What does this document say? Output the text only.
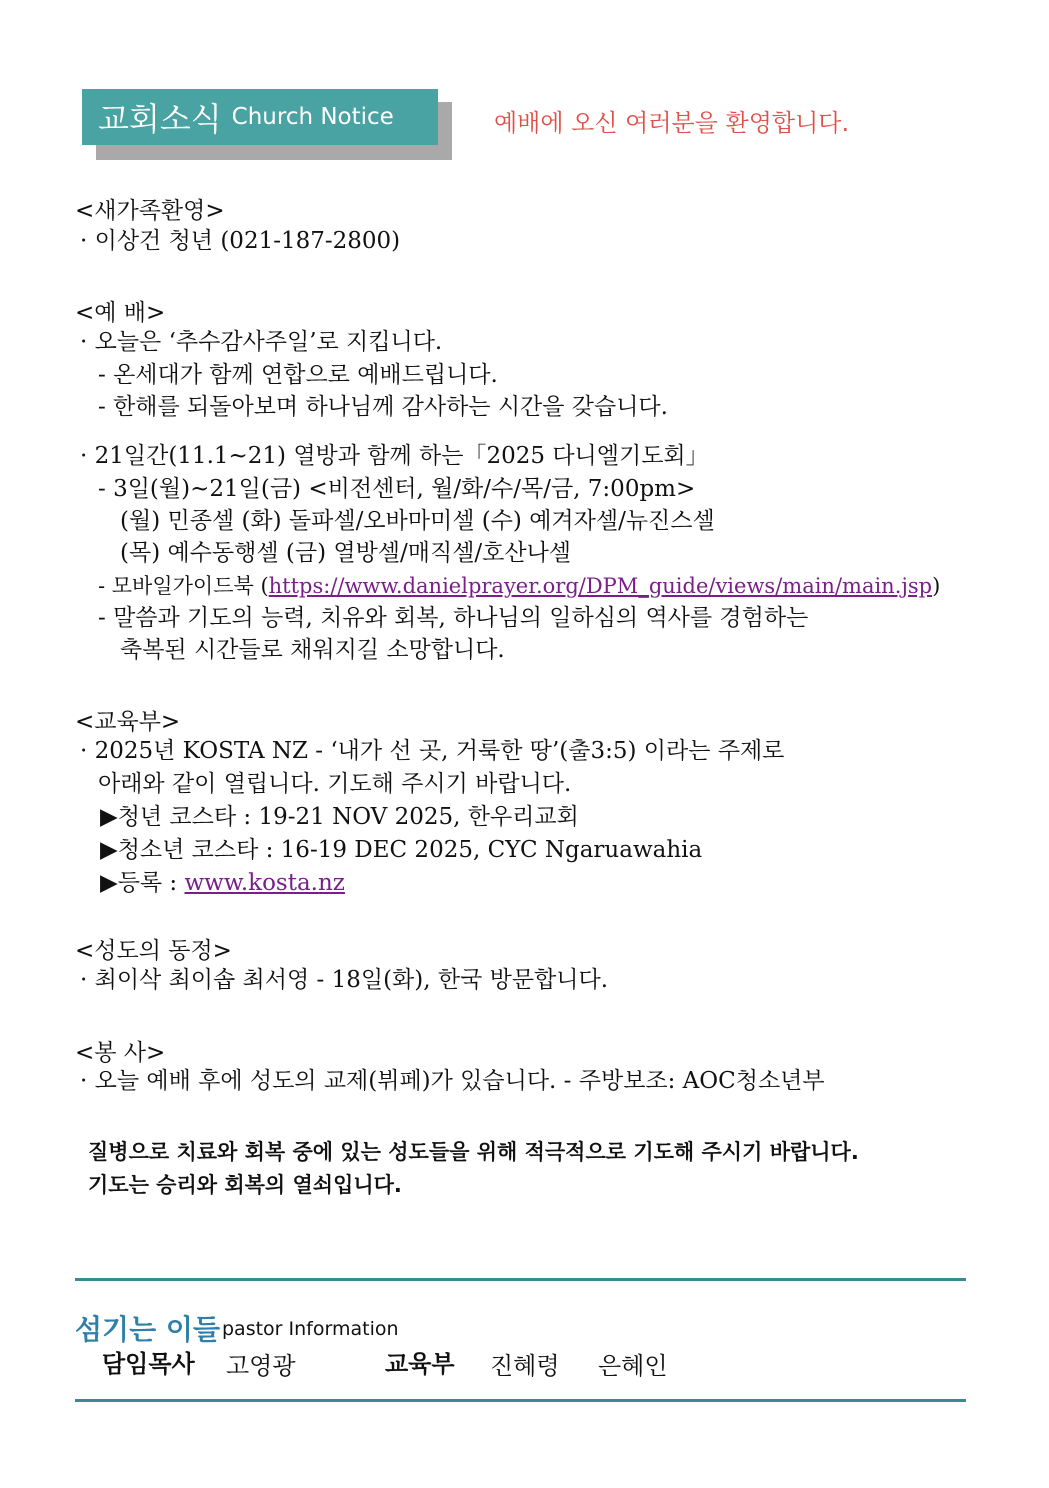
교회소식 Church Notice	예배에 오신 여러분을 환영합니다.
<새가족환영>
· 이상건 청년 (021-187-2800)
<예 배>
· 오늘은 ‘추수감사주일’로 지킵니다.
- 온세대가 함께 연합으로 예배드립니다.
- 한해를 되돌아보며 하나님께 감사하는 시간을 갖습니다.
· 21일간(11.1~21) 열방과 함께 하는「2025 다니엘기도회」
- 3일(월)~21일(금) <비전센터, 월/화/수/목/금, 7:00pm>
(월) 민종셀 (화) 돌파셀/오바마미셀 (수) 예겨자셀/뉴진스셀
(목) 예수동행셀 (금) 열방셀/매직셀/호산나셀
- 모바일가이드북 (https://www.danielprayer.org/DPM_guide/views/main/main.jsp)
- 말씀과 기도의 능력, 치유와 회복, 하나님의 일하심의 역사를 경험하는
축복된 시간들로 채워지길 소망합니다.
<교육부>
· 2025년 KOSTA NZ - ‘내가 선 곳, 거룩한 땅’(출3:5) 이라는 주제로
아래와 같이 열립니다. 기도해 주시기 바랍니다.
▶청년 코스타 : 19-21 NOV 2025, 한우리교회
▶청소년 코스타 : 16-19 DEC 2025, CYC Ngaruawahia
▶등록 : www.kosta.nz
<성도의 동정>
· 최이삭 최이솝 최서영 - 18일(화), 한국 방문합니다.
<봉 사>
· 오늘 예배 후에 성도의 교제(뷔페)가 있습니다. - 주방보조: AOC청소년부
질병으로 치료와 회복 중에 있는 성도들을 위해 적극적으로 기도해 주시기 바랍니다.
기도는 승리와 회복의 열쇠입니다.
섬기는 이들 pastor Information
담임목사 고영광	교육부 진혜령 은혜인
